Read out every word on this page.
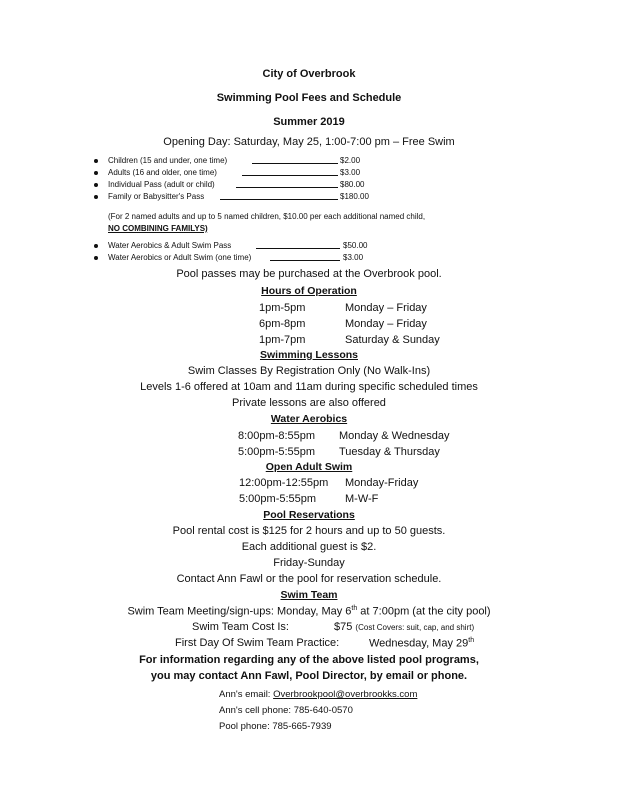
City of Overbrook
Swimming Pool Fees and Schedule
Summer 2019
Opening Day: Saturday, May 25, 1:00-7:00 pm – Free Swim
Children (15 and under, one time)	$2.00
Adults (16 and older, one time)	$3.00
Individual Pass (adult or child)	$80.00
Family or Babysitter's Pass	$180.00
(For 2 named adults and up to 5 named children, $10.00 per each additional named child,
NO COMBINING FAMILYS)
Water Aerobics & Adult Swim Pass	$50.00
Water Aerobics or Adult Swim (one time)	$3.00
Pool passes may be purchased at the Overbrook pool.
Hours of Operation
1pm-5pm	Monday – Friday
6pm-8pm	Monday – Friday
1pm-7pm	Saturday & Sunday
Swimming Lessons
Swim Classes By Registration Only (No Walk-Ins)
Levels 1-6 offered at 10am and 11am during specific scheduled times
Private lessons are also offered
Water Aerobics
8:00pm-8:55pm Monday & Wednesday
5:00pm-5:55pm Tuesday & Thursday
Open Adult Swim
12:00pm-12:55pm Monday-Friday
5:00pm-5:55pm	M-W-F
Pool Reservations
Pool rental cost is $125 for 2 hours and up to 50 guests.
Each additional guest is $2.
Friday-Sunday
Contact Ann Fawl or the pool for reservation schedule.
Swim Team
Swim Team Meeting/sign-ups: Monday, May 6th at 7:00pm (at the city pool)
Swim Team Cost Is:	$75 (Cost Covers: suit, cap, and shirt)
First Day Of Swim Team Practice:	Wednesday, May 29th
For information regarding any of the above listed pool programs,
you may contact Ann Fawl, Pool Director, by email or phone.
Ann's email: Overbrookpool@overbrookks.com
Ann's cell phone: 785-640-0570
Pool phone: 785-665-7939
